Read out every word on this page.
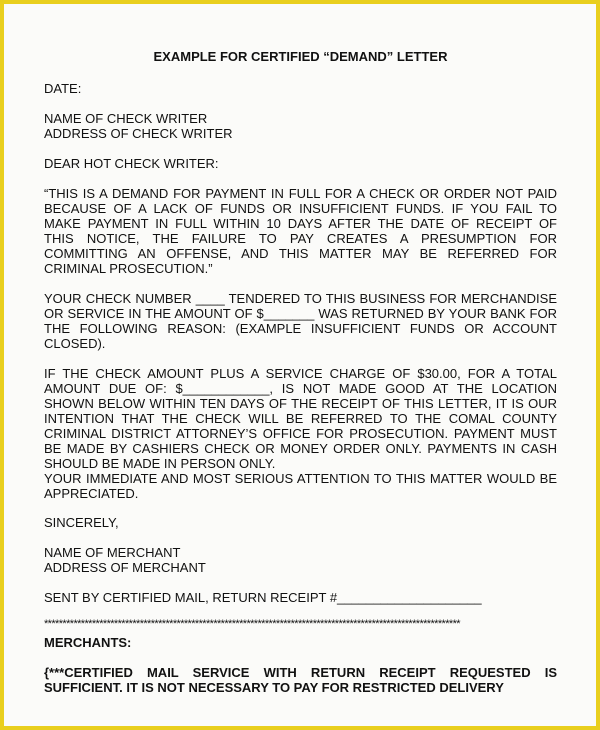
EXAMPLE FOR CERTIFIED “DEMAND” LETTER
DATE:
NAME OF CHECK WRITER
ADDRESS OF CHECK WRITER
DEAR HOT CHECK WRITER:
“THIS IS A DEMAND FOR PAYMENT IN FULL FOR A CHECK OR ORDER NOT PAID
BECAUSE OF A LACK OF FUNDS OR INSUFFICIENT FUNDS. IF YOU FAIL TO
MAKE PAYMENT IN FULL WITHIN 10 DAYS AFTER THE DATE OF RECEIPT OF
THIS NOTICE, THE FAILURE TO PAY CREATES A PRESUMPTION FOR
COMMITTING AN OFFENSE, AND THIS MATTER MAY BE REFERRED FOR
CRIMINAL PROSECUTION.”
YOUR CHECK NUMBER ____ TENDERED TO THIS BUSINESS FOR MERCHANDISE
OR SERVICE IN THE AMOUNT OF $_______ WAS RETURNED BY YOUR BANK FOR
THE FOLLOWING REASON: (EXAMPLE INSUFFICIENT FUNDS OR ACCOUNT
CLOSED).
IF THE CHECK AMOUNT PLUS A SERVICE CHARGE OF $30.00, FOR A TOTAL
AMOUNT DUE OF: $____________, IS NOT MADE GOOD AT THE LOCATION
SHOWN BELOW WITHIN TEN DAYS OF THE RECEIPT OF THIS LETTER, IT IS OUR
INTENTION THAT THE CHECK WILL BE REFERRED TO THE COMAL COUNTY
CRIMINAL DISTRICT ATTORNEY’S OFFICE FOR PROSECUTION. PAYMENT MUST
BE MADE BY CASHIERS CHECK OR MONEY ORDER ONLY. PAYMENTS IN CASH
SHOULD BE MADE IN PERSON ONLY.
YOUR IMMEDIATE AND MOST SERIOUS ATTENTION TO THIS MATTER WOULD BE
APPRECIATED.
SINCERELY,
NAME OF MERCHANT
ADDRESS OF MERCHANT
SENT BY CERTIFIED MAIL, RETURN RECEIPT #____________________
*****************************************************************************************************************
MERCHANTS:
{***CERTIFIED MAIL SERVICE WITH RETURN RECEIPT REQUESTED IS
SUFFICIENT. IT IS NOT NECESSARY TO PAY FOR RESTRICTED DELIVERY
